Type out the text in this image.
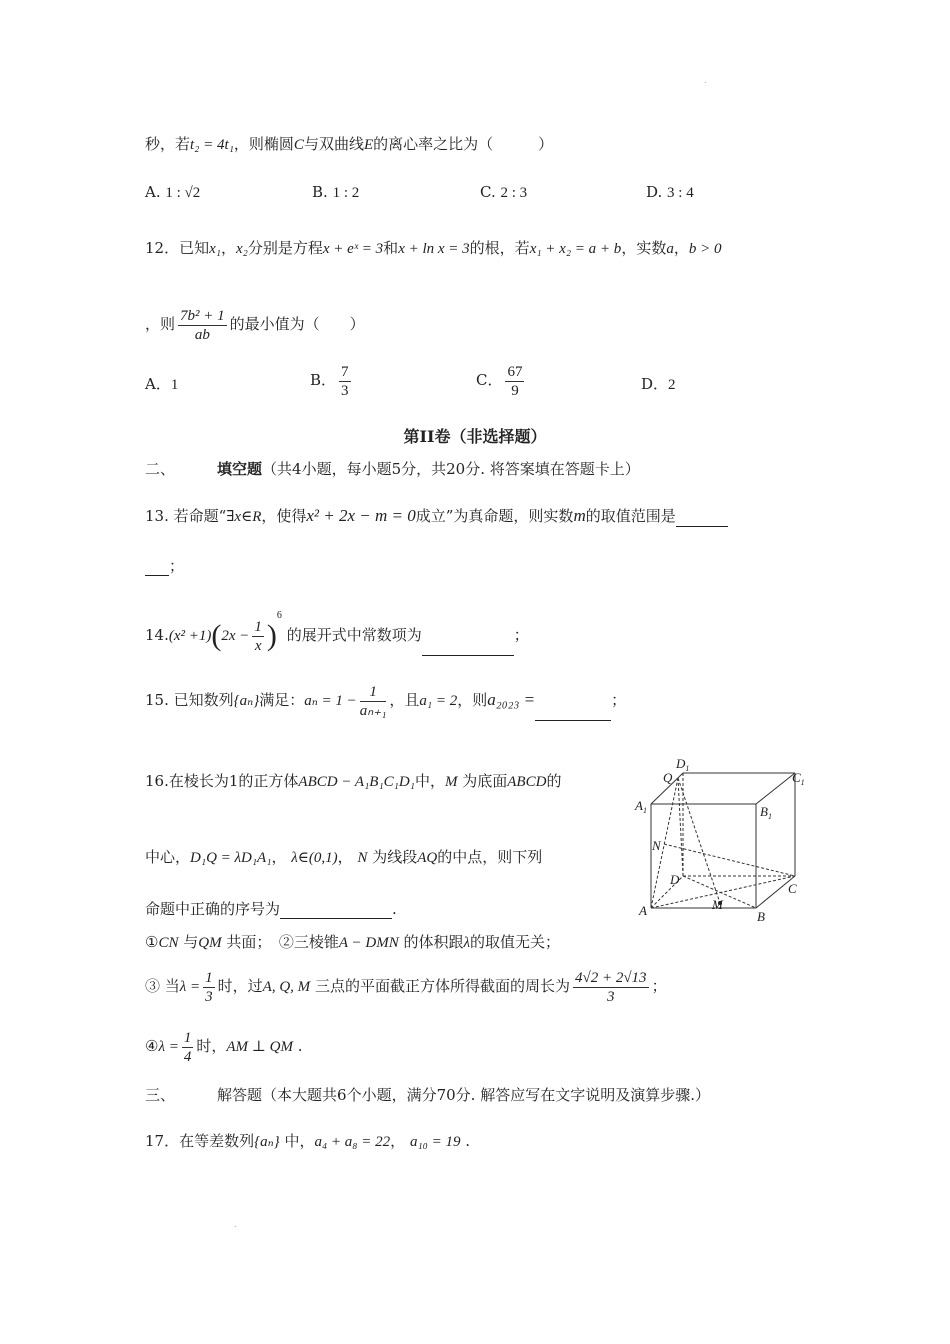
秒，若t₂ = 4t₁，则椭圆C与双曲线E的离心率之比为（　　　）
A. 1 : √2	B. 1 : 2	C. 2 : 3	D. 3 : 4
12．已知x₁，x₂分别是方程x + eˣ = 3和x + ln x = 3的根，若x₁ + x₂ = a + b，实数a，b > 0
，则 $\frac{\text{7b² + 1}}{ab}$ 的最小值为（　　）
A．1	B． $\frac{7}{3}$	C． $\frac{67}{9}$	D．2
第II卷（非选择题）
二、	填空题（共4小题，每小题5分，共20分. 将答案填在答题卡上）
13. 若命题“∃x∈R，使得x² + 2x − m = 0成立”为真命题，则实数m的取值范围是
；
$14.(x^2 +1)(2x - \frac{1}{x} )^6$ 的展开式中常数项为	；
15. 已知数列{aₙ}满足：$a_n = 1 - \frac{1}{\text{aₙ₊₁}}$ ，且a₁ = 2，则a₂₀₂₃ =	；
16.在棱长为1的正方体ABCD − A₁B₁C₁D₁中，M 为底面ABCD的
中心，D₁Q = λD₁A₁， λ∈(0,1)， N 为线段AQ的中点，则下列
命题中正确的序号为	.
①CN 与QM 共面；　②三棱锥A − DMN 的体积跟λ的取值无关；
③ 当$\lambda = \frac{1}{3}$ 时，过A, Q, M 三点的平面截正方体所得截面的周长为 $\frac{4√2 + 2√13}{3}$ ；
④λ = $\frac{1}{4}$ 时，AM ⊥ QM .
$D_1$
Q	$C_1$
$A_1$	$B_1$
N
D
C
A	M
B
三、	解答题（本大题共6个小题，满分70分. 解答应写在文字说明及演算步骤.）
17．在等差数列{aₙ} 中，a₄ + a₈ = 22， a₁₀ = 19 .
.
.
